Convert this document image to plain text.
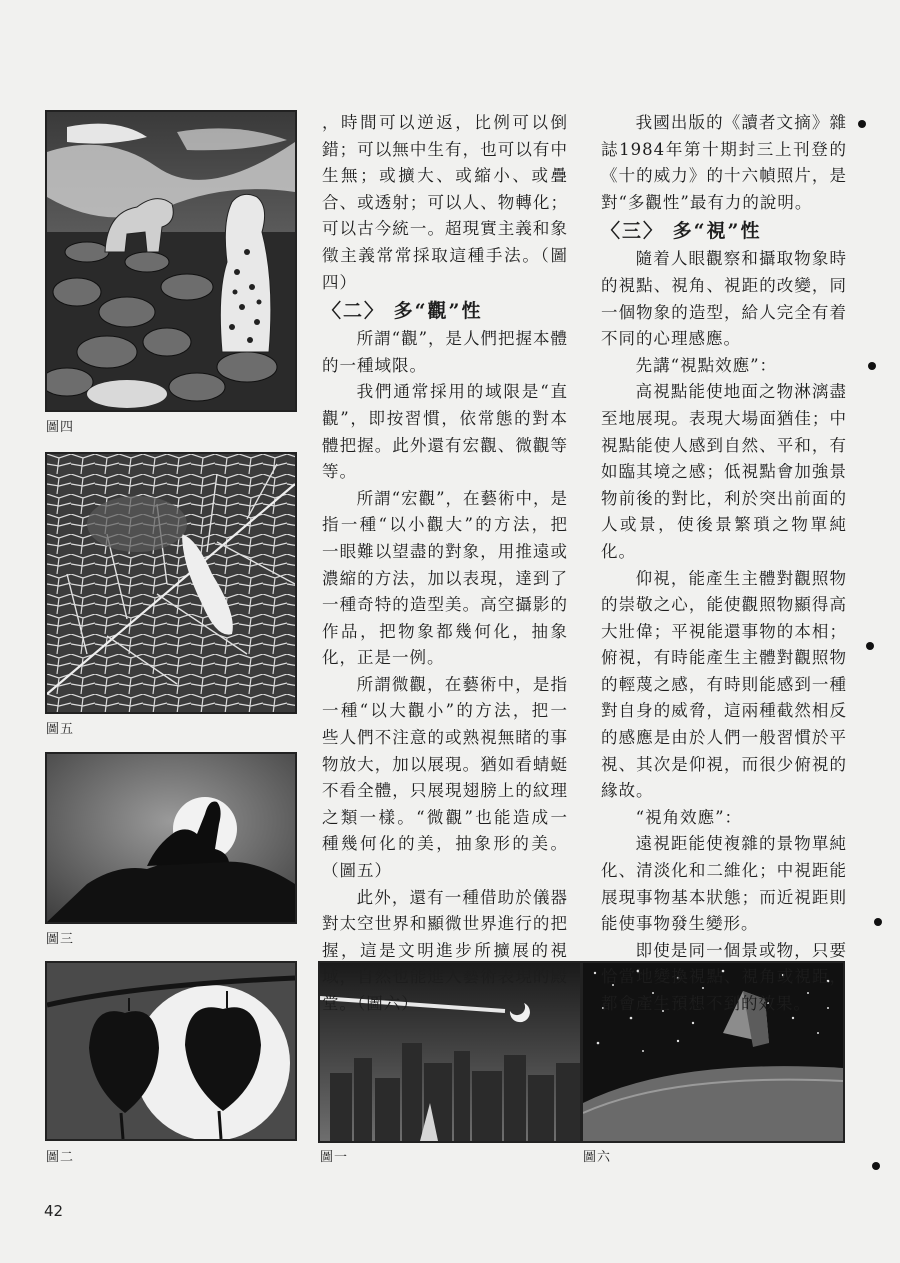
圖四
圖五
圖三
圖二	圖一	圖六

，時間可以逆返，比例可以倒錯；可以無中生有，也可以有中生無；或擴大、或縮小、或疊合、或透射；可以人、物轉化；可以古今統一。超現實主義和象徵主義常常採取這種手法。（圖四）

〈二〉 多“觀”性

所謂“觀”，是人們把握本體的一種域限。

我們通常採用的域限是“直觀”，即按習慣，依常態的對本體把握。此外還有宏觀、微觀等等。

所謂“宏觀”，在藝術中，是指一種“以小觀大”的方法，把一眼難以望盡的對象，用推遠或濃縮的方法，加以表現，達到了一種奇特的造型美。高空攝影的作品，把物象都幾何化，抽象化，正是一例。

所謂微觀，在藝術中，是指一種“以大觀小”的方法，把一些人們不注意的或熟視無睹的事物放大，加以展現。猶如看蜻蜓不看全體，只展現翅膀上的紋理之類一樣。“微觀”也能造成一種幾何化的美，抽象形的美。（圖五）

此外，還有一種借助於儀器對太空世界和顯微世界進行的把握，這是文明進步所擴展的視域，自然也能進入藝術表現的殿堂。（圖六）

我國出版的《讀者文摘》雜誌1984年第十期封三上刊登的《十的威力》的十六幀照片，是對“多觀性”最有力的說明。

〈三〉 多“視”性

隨着人眼觀察和攝取物象時的視點、視角、視距的改變，同一個物象的造型，給人完全有着不同的心理感應。

先講“視點效應”：

高視點能使地面之物淋漓盡至地展現。表現大場面猶佳；中視點能使人感到自然、平和，有如臨其境之感；低視點會加強景物前後的對比，利於突出前面的人或景，使後景繁瑣之物單純化。

仰視，能產生主體對觀照物的崇敬之心，能使觀照物顯得高大壯偉；平視能還事物的本相；俯視，有時能產生主體對觀照物的輕蔑之感，有時則能感到一種對自身的威脅，這兩種截然相反的感應是由於人們一般習慣於平視、其次是仰視，而很少俯視的緣故。

“視角效應”：

遠視距能使複雜的景物單純化、清淡化和二維化；中視距能展現事物基本狀態；而近視距則能使事物發生變形。

即使是同一個景或物，只要恰當地變換視點、視角或視距，都會產生預想不到的效果。

42
